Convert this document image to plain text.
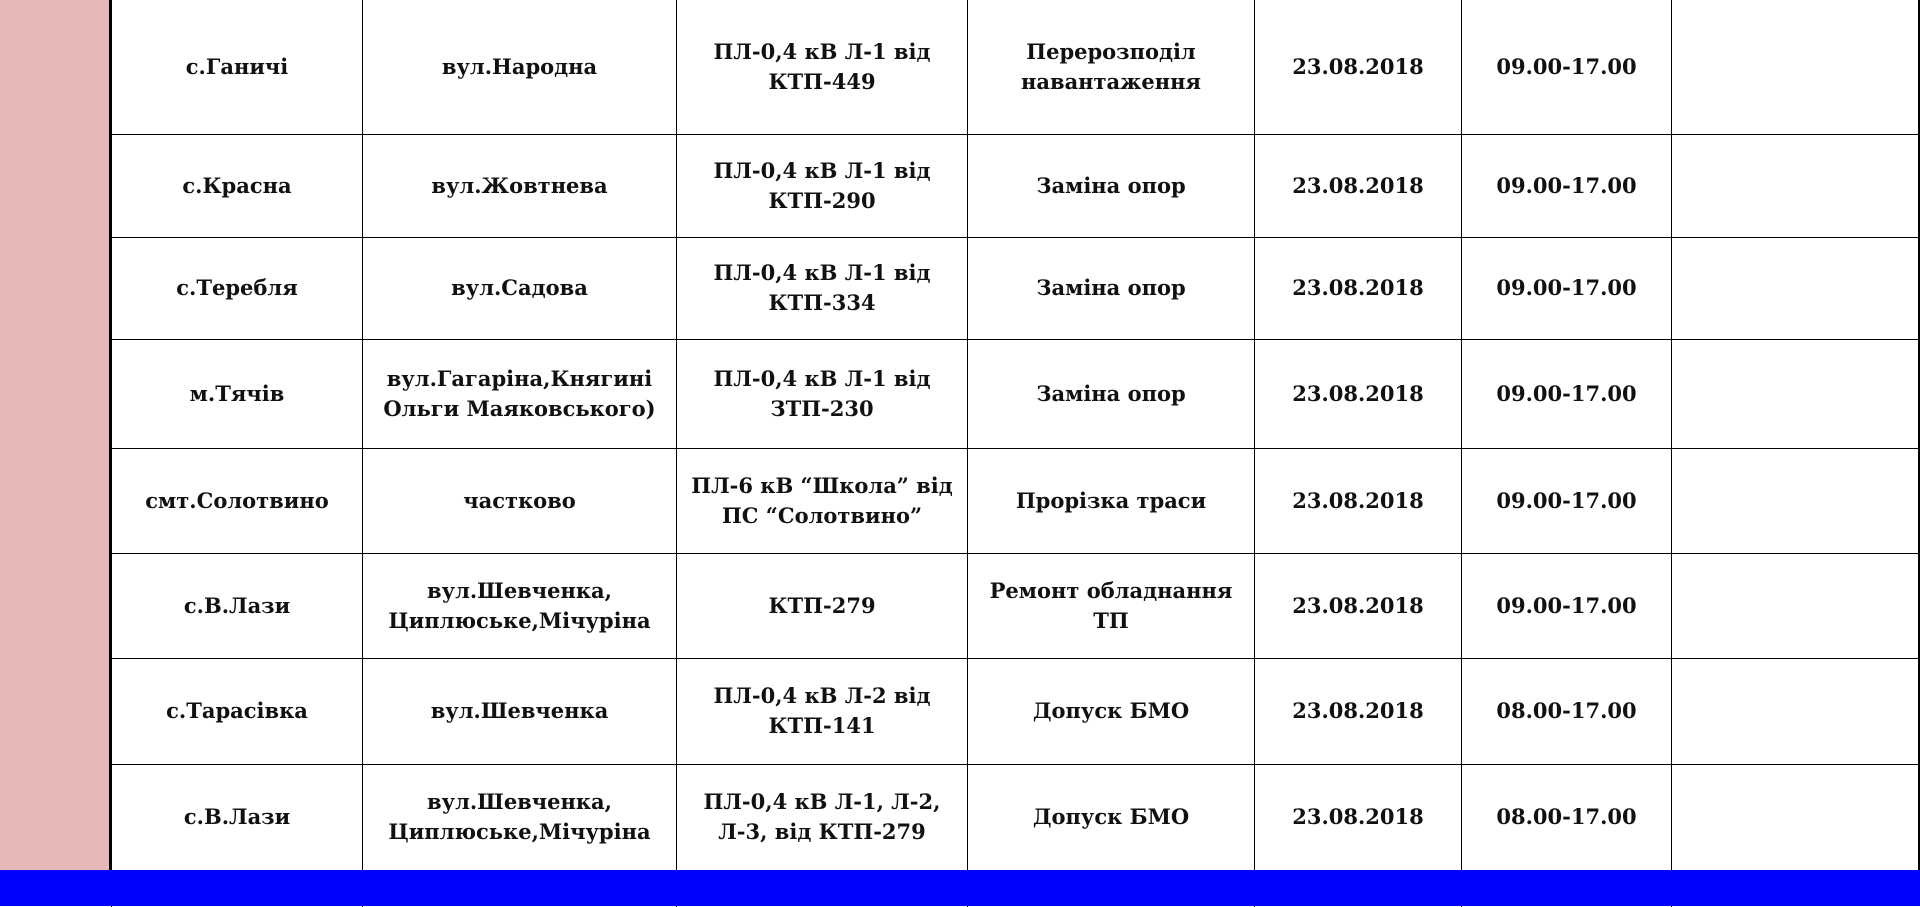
с.Ганичі	вул.Народна	ПЛ-0,4 кВ Л-1 від КТП-449	Перерозподіл навантаження	23.08.2018	09.00-17.00	
с.Красна	вул.Жовтнева	ПЛ-0,4 кВ Л-1 від КТП-290	Заміна опор	23.08.2018	09.00-17.00	
с.Теребля	вул.Садова	ПЛ-0,4 кВ Л-1 від КТП-334	Заміна опор	23.08.2018	09.00-17.00	
м.Тячів	вул.Гагаріна,Княгині Ольги Маяковського)	ПЛ-0,4 кВ Л-1 від ЗТП-230	Заміна опор	23.08.2018	09.00-17.00	
смт.Солотвино	частково	ПЛ-6 кВ “Школа” від ПС “Солотвино”	Прорізка траси	23.08.2018	09.00-17.00	
с.В.Лази	вул.Шевченка, Циплюське,Мічуріна	КТП-279	Ремонт обладнання ТП	23.08.2018	09.00-17.00	
с.Тарасівка	вул.Шевченка	ПЛ-0,4 кВ Л-2 від КТП-141	Допуск БМО	23.08.2018	08.00-17.00	
с.В.Лази	вул.Шевченка, Циплюське,Мічуріна	ПЛ-0,4 кВ Л-1, Л-2, Л-3, від КТП-279	Допуск БМО	23.08.2018	08.00-17.00	
